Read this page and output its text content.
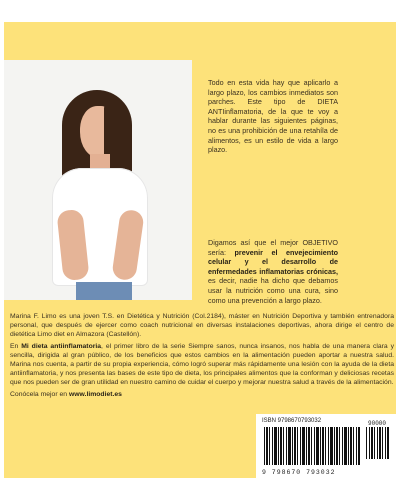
Todo en esta vida hay que aplicarlo a largo plazo, los cambios inmediatos son parches. Este tipo de DIETA ANTIinflamatoria, de la que te voy a hablar durante las siguientes páginas, no es una prohibición de una retahíla de alimentos, es un estilo de vida a largo plazo.
Digamos así que el mejor OBJETIVO sería: prevenir el envejecimiento celular y el desarrollo de enfermedades inflamatorias crónicas, es decir, nadie ha dicho que debamos usar la nutrición como una cura, sino como una prevención a largo plazo.

Marina F. Limo es una joven T.S. en Dietética y Nutrición (Col.2184), máster en Nutrición Deportiva y también entrenadora personal, que después de ejercer como coach nutricional en diversas instalaciones deportivas, ahora dirige el centro de dietética Limo diet en Almazora (Castellón).

En Mi dieta antiinflamatoria, el primer libro de la serie Siempre sanos, nunca insanos, nos habla de una manera clara y sencilla, dirigida al gran público, de los beneficios que estos cambios en la alimentación pueden aportar a nuestra salud. Marina nos cuenta, a partir de su propia experiencia, cómo logró superar más rápidamente una lesión con la ayuda de la dieta antiinflamatoria, y nos presenta las bases de este tipo de dieta, los principales alimentos que la conforman y deliciosas recetas que nos pueden ser de gran utilidad en nuestro camino de cuidar el cuerpo y mejorar nuestra salud a través de la alimentación.

Conócela mejor en www.limodiet.es

ISBN 9798670793032	90000
9 798670 793032
